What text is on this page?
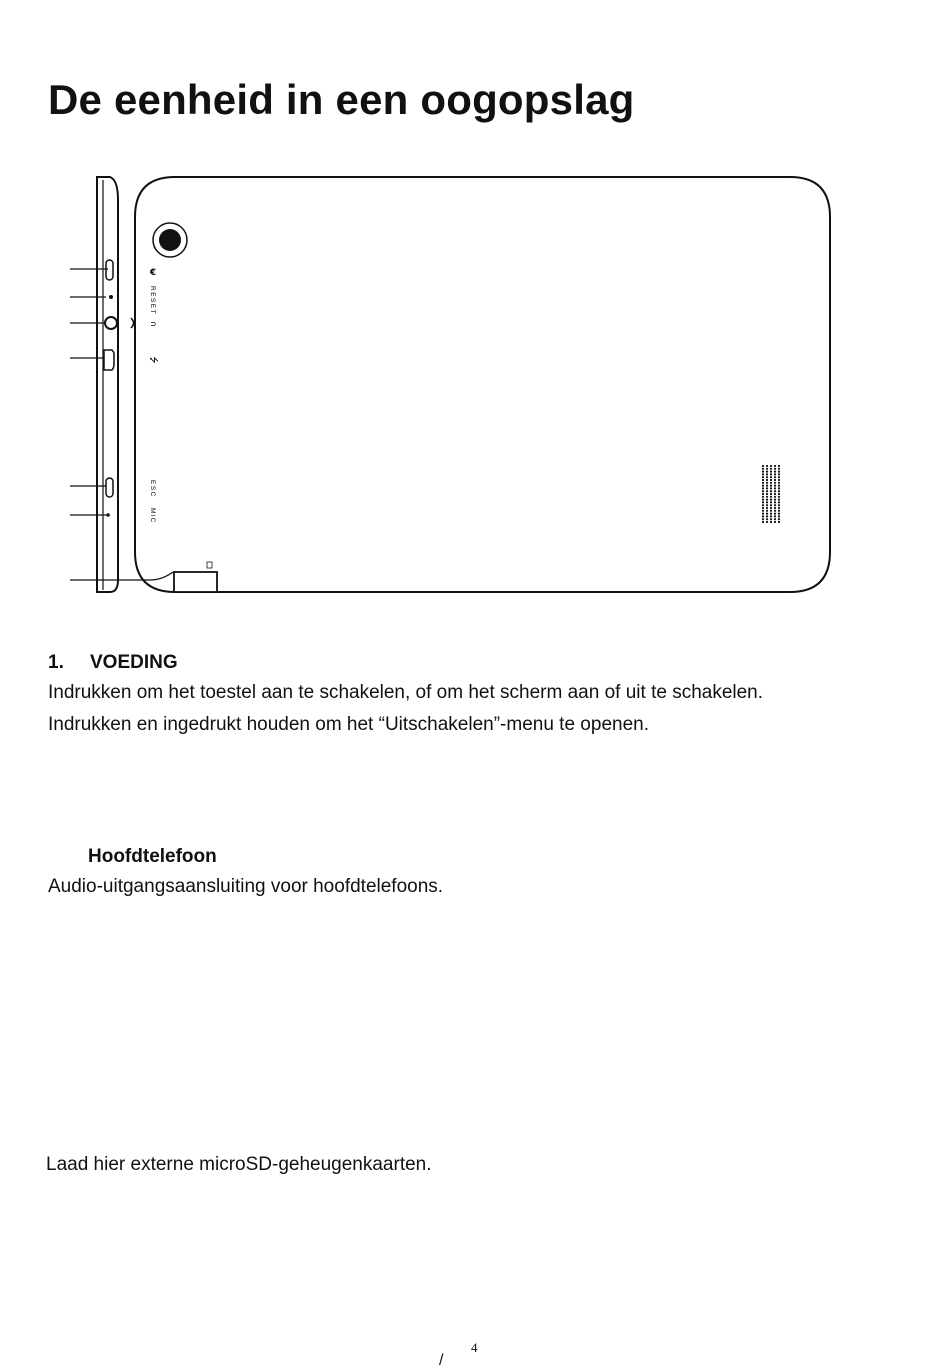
De eenheid in een oogopslag
€
RESET
∩
⭍
ESC
MIC
1. VOEDING
Indrukken om het toestel aan te schakelen, of om het scherm aan of uit te schakelen.
Indrukken en ingedrukt houden om het “Uitschakelen”-menu te openen.
Hoofdtelefoon
Audio-uitgangsaansluiting voor hoofdtelefoons.
Laad hier externe microSD-geheugenkaarten.
4
/
